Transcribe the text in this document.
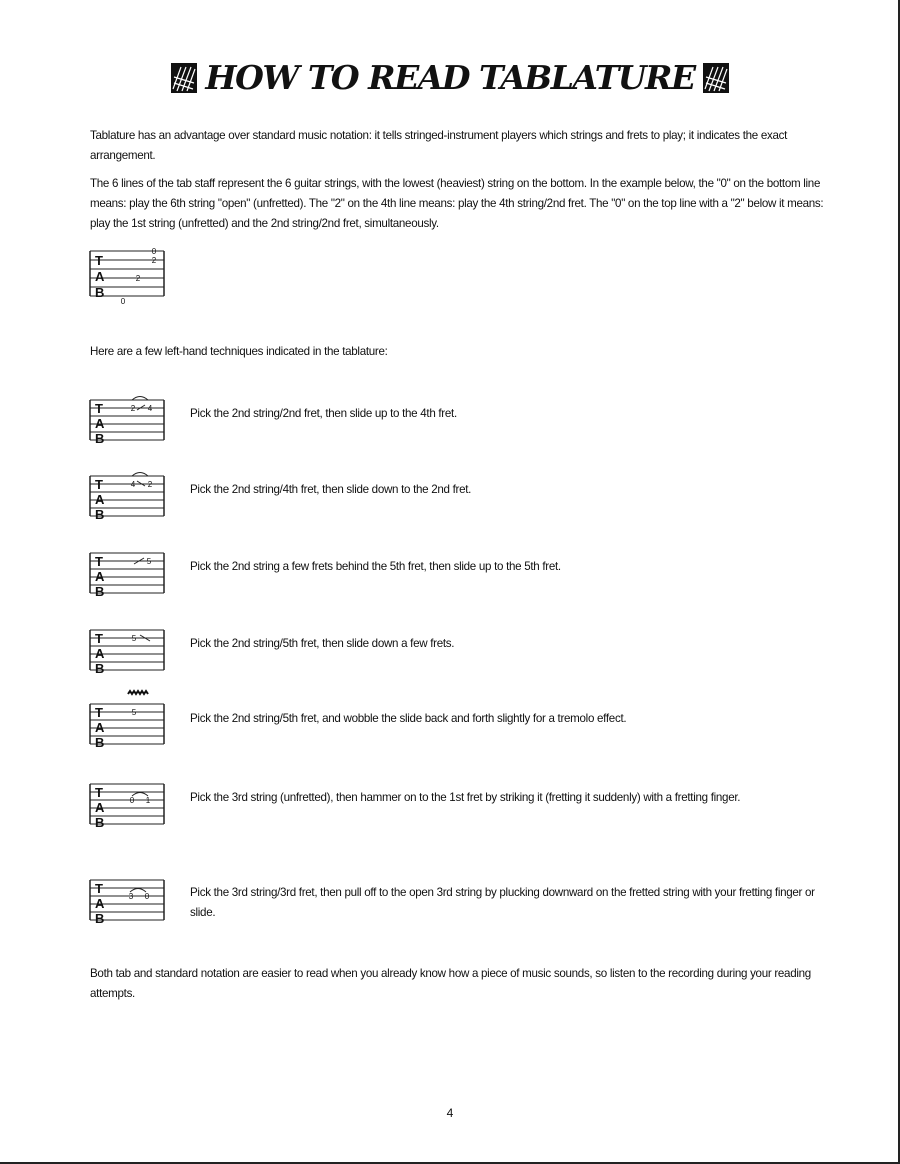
HOW TO READ TABLATURE

Tablature has an advantage over standard music notation: it tells stringed-instrument players which strings and frets to play; it indicates the exact arrangement.

The 6 lines of the tab staff represent the 6 guitar strings, with the lowest (heaviest) string on the bottom. In the example below, the "0" on the bottom line means: play the 6th string "open" (unfretted). The "2" on the 4th line means: play the 4th string/2nd fret. The "0" on the top line with a "2" below it means: play the 1st string (unfretted) and the 2nd string/2nd fret, simultaneously.

T
A
B
0
2
2
0

Here are a few left-hand techniques indicated in the tablature:

T
A
B
2 4	Pick the 2nd string/2nd fret, then slide up to the 4th fret.

T
A
B
4 2	Pick the 2nd string/4th fret, then slide down to the 2nd fret.

T
A
B
5	Pick the 2nd string a few frets behind the 5th fret, then slide up to the 5th fret.

T
A
B
5	Pick the 2nd string/5th fret, then slide down a few frets.

T
A
B
5	Pick the 2nd string/5th fret, and wobble the slide back and forth slightly for a tremolo effect.

T
A
B
0 1	Pick the 3rd string (unfretted), then hammer on to the 1st fret by striking it (fretting it suddenly) with a fretting finger.

T
A
B
3 0	Pick the 3rd string/3rd fret, then pull off to the open 3rd string by plucking downward on the fretted string with your fretting finger or slide.

Both tab and standard notation are easier to read when you already know how a piece of music sounds, so listen to the recording during your reading attempts.

4
